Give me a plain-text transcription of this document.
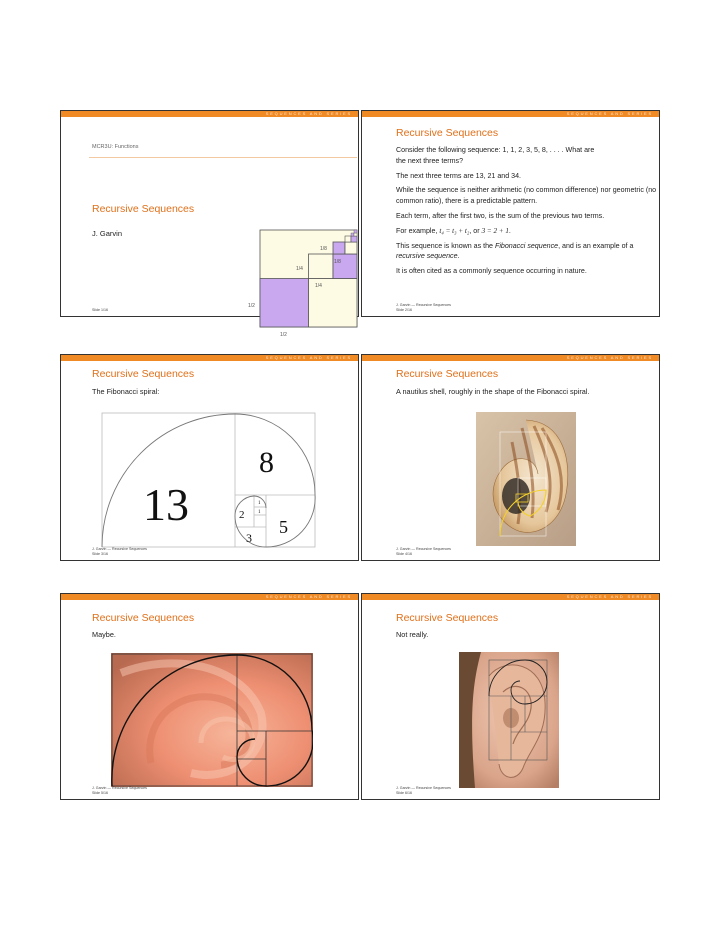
SEQUENCES AND SERIES
MCR3U: Functions
Recursive Sequences
J. Garvin
Slide 1/16
1/8
1/8
1/4
1/4
1/2
1/2
SEQUENCES AND SERIES
Recursive Sequences

Consider the following sequence: 1, 1, 2, 3, 5, 8, . . . . What are
the next three terms?

The next three terms are 13, 21 and 34.

While the sequence is neither arithmetic (no common difference) nor geometric (no common ratio), there is a predictable pattern.

Each term, after the first two, is the sum of the previous two terms.

For example, t₄ = t₃ + t₂, or 3 = 2 + 1.

This sequence is known as the Fibonacci sequence, and is an example of a recursive sequence.

It is often cited as a commonly sequence occurring in nature.

J. Garvin — Recursive Sequences
Slide 2/16
SEQUENCES AND SERIES
Recursive Sequences
The Fibonacci spiral:
13
8
5
3
2
1
1
J. Garvin — Recursive Sequences
Slide 3/16
SEQUENCES AND SERIES
Recursive Sequences
A nautilus shell, roughly in the shape of the Fibonacci spiral.
J. Garvin — Recursive Sequences
Slide 4/16
SEQUENCES AND SERIES
Recursive Sequences
Maybe.
J. Garvin — Recursive Sequences
Slide 5/16
SEQUENCES AND SERIES
Recursive Sequences
Not really.
J. Garvin — Recursive Sequences
Slide 6/16
